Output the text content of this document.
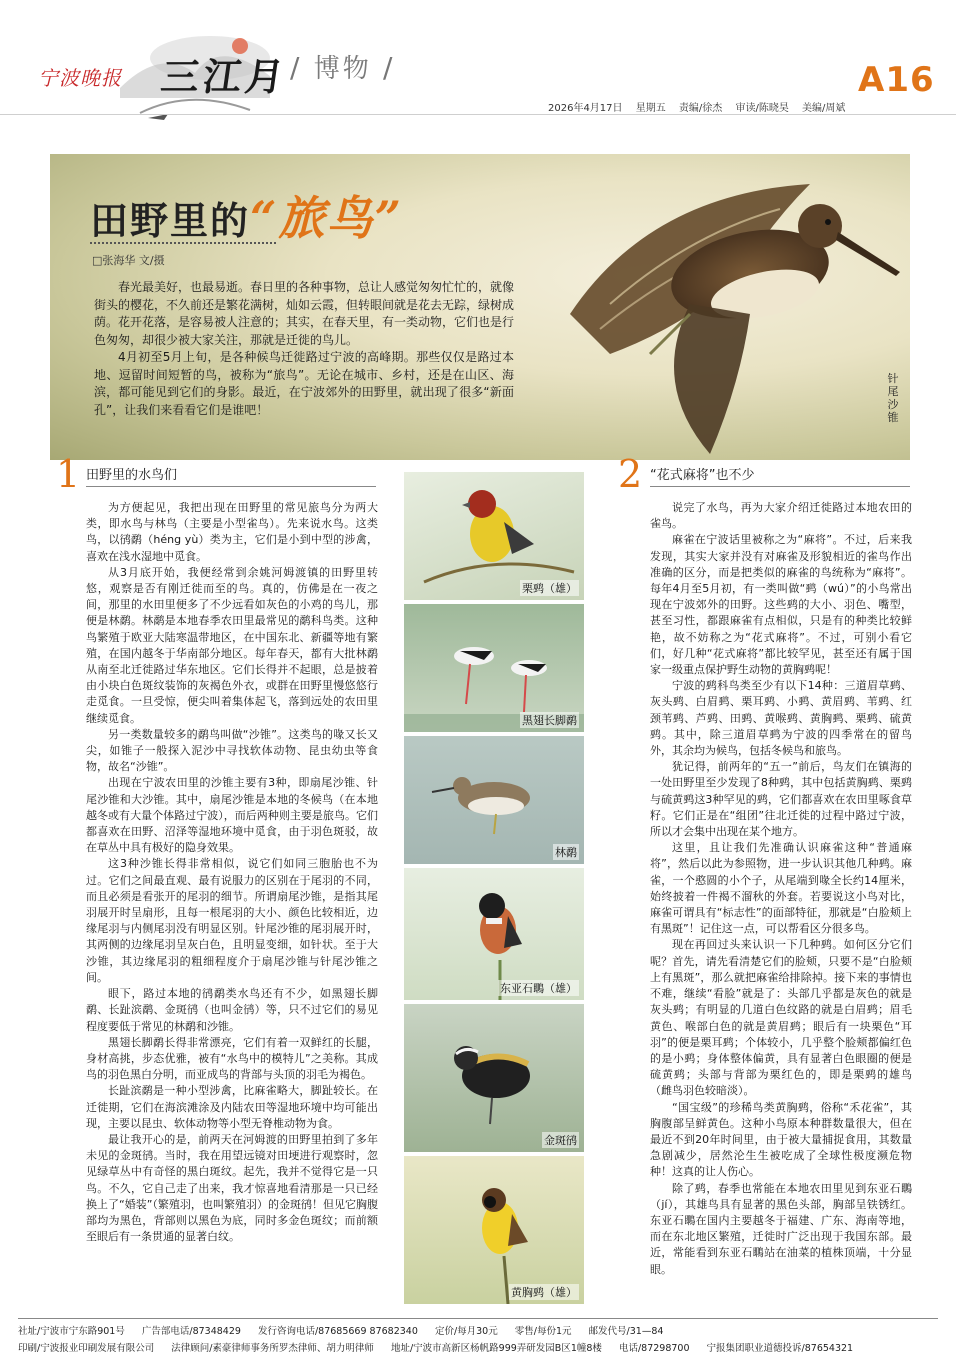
宁波晚报 三江月 / 博物 /	A16
2026年4月17日 星期五 责编/徐杰 审读/陈晓昊 美编/周斌
田野里的“旅鸟”
□张海华 文/摄

春光最美好，也最易逝。春日里的各种事物，总让人感觉匆匆忙忙的，就像街头的樱花，不久前还是繁花满树，灿如云霞，但转眼间就是花去无踪，绿树成荫。花开花落，是容易被人注意的；其实，在春天里，有一类动物，它们也是行色匆匆，却很少被大家关注，那就是迁徙的鸟儿。

4月初至5月上旬，是各种候鸟迁徙路过宁波的高峰期。那些仅仅是路过本地、逗留时间短暂的鸟，被称为“旅鸟”。无论在城市、乡村，还是在山区、海滨，都可能见到它们的身影。最近，在宁波郊外的田野里，就出现了很多“新面孔”，让我们来看看它们是谁吧！

针尾沙锥
1 田野里的水鸟们

为方便起见，我把出现在田野里的常见旅鸟分为两大类，即水鸟与林鸟（主要是小型雀鸟）。先来说水鸟。这类鸟，以鸻鹬（héng yù）类为主，它们是小到中型的涉禽，喜欢在浅水湿地中觅食。

从3月底开始，我便经常到余姚河姆渡镇的田野里转悠，观察是否有刚迁徙而至的鸟。真的，仿佛是在一夜之间，那里的水田里便多了不少远看如灰色的小鸡的鸟儿，那便是林鹬。林鹬是本地春季农田里最常见的鹬科鸟类。这种鸟繁殖于欧亚大陆寒温带地区，在中国东北、新疆等地有繁殖，在国内越冬于华南部分地区。每年春天，都有大批林鹬从南至北迁徙路过华东地区。它们长得并不起眼，总是披着由小块白色斑纹装饰的灰褐色外衣，或群在田野里慢悠悠行走觅食。一旦受惊，便尖叫着集体起飞，落到远处的农田里继续觅食。

另一类数量较多的鹬鸟叫做“沙锥”。这类鸟的喙又长又尖，如锥子一般探入泥沙中寻找软体动物、昆虫幼虫等食物，故名“沙锥”。

出现在宁波农田里的沙锥主要有3种，即扇尾沙锥、针尾沙锥和大沙锥。其中，扇尾沙锥是本地的冬候鸟（在本地越冬或有大量个体路过宁波），而后两种则主要是旅鸟。它们都喜欢在田野、沼泽等湿地环境中觅食，由于羽色斑驳，故在草丛中具有极好的隐身效果。

这3种沙锥长得非常相似，说它们如同三胞胎也不为过。它们之间最直观、最有说服力的区别在于尾羽的不同，而且必须是看张开的尾羽的细节。所谓扇尾沙锥，是指其尾羽展开时呈扇形，且每一根尾羽的大小、颜色比较相近，边缘尾羽与内侧尾羽没有明显区别。针尾沙锥的尾羽展开时，其两侧的边缘尾羽呈灰白色，且明显变细，如针状。至于大沙锥，其边缘尾羽的粗细程度介于扇尾沙锥与针尾沙锥之间。

眼下，路过本地的鸻鹬类水鸟还有不少，如黑翅长脚鹬、长趾滨鹬、金斑鸻（也叫金鸻）等，只不过它们的易见程度要低于常见的林鹬和沙锥。

黑翅长脚鹬长得非常漂亮，它们有着一双鲜红的长腿，身材高挑，步态优雅，被有“水鸟中的模特儿”之美称。其成鸟的羽色黑白分明，而亚成鸟的背部与头顶的羽毛为褐色。

长趾滨鹬是一种小型涉禽，比麻雀略大，脚趾较长。在迁徙期，它们在海滨滩涂及内陆农田等湿地环境中均可能出现，主要以昆虫、软体动物等小型无脊椎动物为食。

最让我开心的是，前两天在河姆渡的田野里拍到了多年未见的金斑鸻。当时，我在用望远镜对田埂进行观察时，忽见绿草丛中有奇怪的黑白斑纹。起先，我并不觉得它是一只鸟。不久，它自己走了出来，我才惊喜地看清那是一只已经换上了“婚装”（繁殖羽，也叫繁殖羽）的金斑鸻！但见它胸腹部均为黑色，背部则以黑色为底，同时多金色斑纹；而前额至眼后有一条贯通的显著白纹。

栗鹀（雄）
黑翅长脚鹬
林鹬
东亚石䳭（雄）
金斑鸻
黄胸鹀（雄）
2 “花式麻将”也不少

说完了水鸟，再为大家介绍迁徙路过本地农田的雀鸟。

麻雀在宁波话里被称之为“麻将”。不过，后来我发现，其实大家并没有对麻雀及形貌相近的雀鸟作出准确的区分，而是把类似的麻雀的鸟统称为“麻将”。每年4月至5月初，有一类叫做“鹀（wú）”的小鸟常出现在宁波郊外的田野。这些鹀的大小、羽色、嘴型，甚至习性，都跟麻雀有点相似，只是有的种类比较鲜艳，故不妨称之为“花式麻将”。不过，可别小看它们，好几种“花式麻将”都比较罕见，甚至还有属于国家一级重点保护野生动物的黄胸鹀呢！

宁波的鹀科鸟类至少有以下14种：三道眉草鹀、灰头鹀、白眉鹀、栗耳鹀、小鹀、黄眉鹀、苇鹀、红颈苇鹀、芦鹀、田鹀、黄喉鹀、黄胸鹀、栗鹀、硫黄鹀。其中，除三道眉草鹀为宁波的四季常在的留鸟外，其余均为候鸟，包括冬候鸟和旅鸟。

犹记得，前两年的“五一”前后，鸟友们在镇海的一处田野里至少发现了8种鹀，其中包括黄胸鹀、栗鹀与硫黄鹀这3种罕见的鹀，它们都喜欢在农田里啄食草籽。它们正是在“组团”往北迁徙的过程中路过宁波，所以才会集中出现在某个地方。

这里，且让我们先准确认识麻雀这种“普通麻将”，然后以此为参照物，进一步认识其他几种鹀。麻雀，一个憨圆的小个子，从尾端到喙全长约14厘米，始终披着一件褐不溜秋的外套。若要说这小鸟对比，麻雀可谓具有“标志性”的面部特征，那就是“白脸颊上有黑斑”！记住这一点，可以帮看区分很多鸟。

现在再回过头来认识一下几种鹀。如何区分它们呢？首先，请先看清楚它们的脸颊，只要不是“白脸颊上有黑斑”，那么就把麻雀给排除掉。接下来的事情也不难，继续“看脸”就是了：头部几乎都是灰色的就是灰头鹀；有明显的几道白色纹路的就是白眉鹀；眉毛黄色、喉部白色的就是黄眉鹀；眼后有一块栗色“耳羽”的便是栗耳鹀；个体较小，几乎整个脸颊都偏红色的是小鹀；身体整体偏黄，具有显著白色眼圈的便是硫黄鹀；头部与背部为栗红色的，即是栗鹀的雄鸟（雌鸟羽色较暗淡）。

“国宝级”的珍稀鸟类黄胸鹀，俗称“禾花雀”，其胸腹部呈鲜黄色。这种小鸟原本种群数量很大，但在最近不到20年时间里，由于被大量捕捉食用，其数量急剧减少，居然沦生生被吃成了全球性极度濒危物种！这真的让人伤心。

除了鹀，春季也常能在本地农田里见到东亚石䳭（jí），其雄鸟具有显著的黑色头部，胸部呈铁锈红。东亚石䳭在国内主要越冬于福建、广东、海南等地，而在东北地区繁殖，迁徙时广泛出现于我国东部。最近，常能看到东亚石䳭站在油菜的植株顶端，十分显眼。

社址/宁波市宁东路901号 广告部电话/87348429 发行咨询电话/87685669 87682340 定价/每月30元 零售/每份1元 邮发代号/31—84
印刷/宁波报业印刷发展有限公司 法律顾问/素豪律师事务所罗杰律师、胡力明律师 地址/宁波市高新区杨帆路999弄研发园B区1幢8楼 电话/87298700 宁报集团职业道德投诉/87654321
